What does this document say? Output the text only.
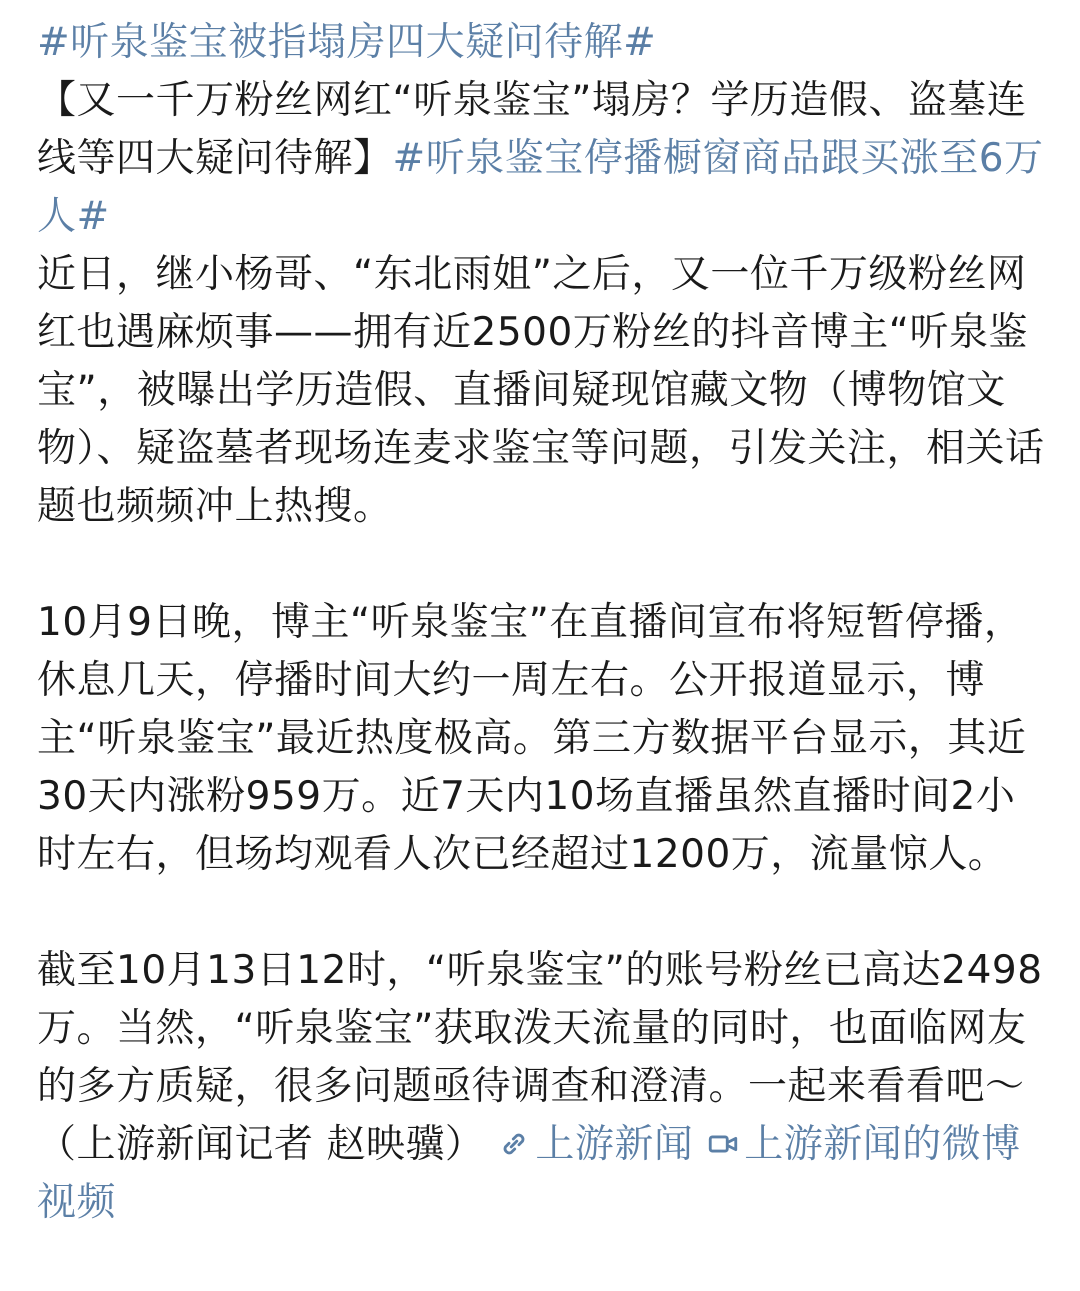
#听泉鉴宝被指塌房四大疑问待解#

【又一千万粉丝网红“听泉鉴宝”塌房？学历造假、盗墓连线等四大疑问待解】#听泉鉴宝停播橱窗商品跟买涨至6万人#

近日，继小杨哥、“东北雨姐”之后，又一位千万级粉丝网红也遇麻烦事——拥有近2500万粉丝的抖音博主“听泉鉴宝”，被曝出学历造假、直播间疑现馆藏文物（博物馆文物）、疑盗墓者现场连麦求鉴宝等问题，引发关注，相关话题也频频冲上热搜。

10月9日晚，博主“听泉鉴宝”在直播间宣布将短暂停播，休息几天，停播时间大约一周左右。公开报道显示，博主“听泉鉴宝”最近热度极高。第三方数据平台显示，其近30天内涨粉959万。近7天内10场直播虽然直播时间2小时左右，但场均观看人次已经超过1200万，流量惊人。

截至10月13日12时，“听泉鉴宝”的账号粉丝已高达2498万。当然，“听泉鉴宝”获取泼天流量的同时，也面临网友的多方质疑，很多问题亟待调查和澄清。一起来看看吧～（上游新闻记者 赵映骥） 上游新闻 上游新闻的微博视频
